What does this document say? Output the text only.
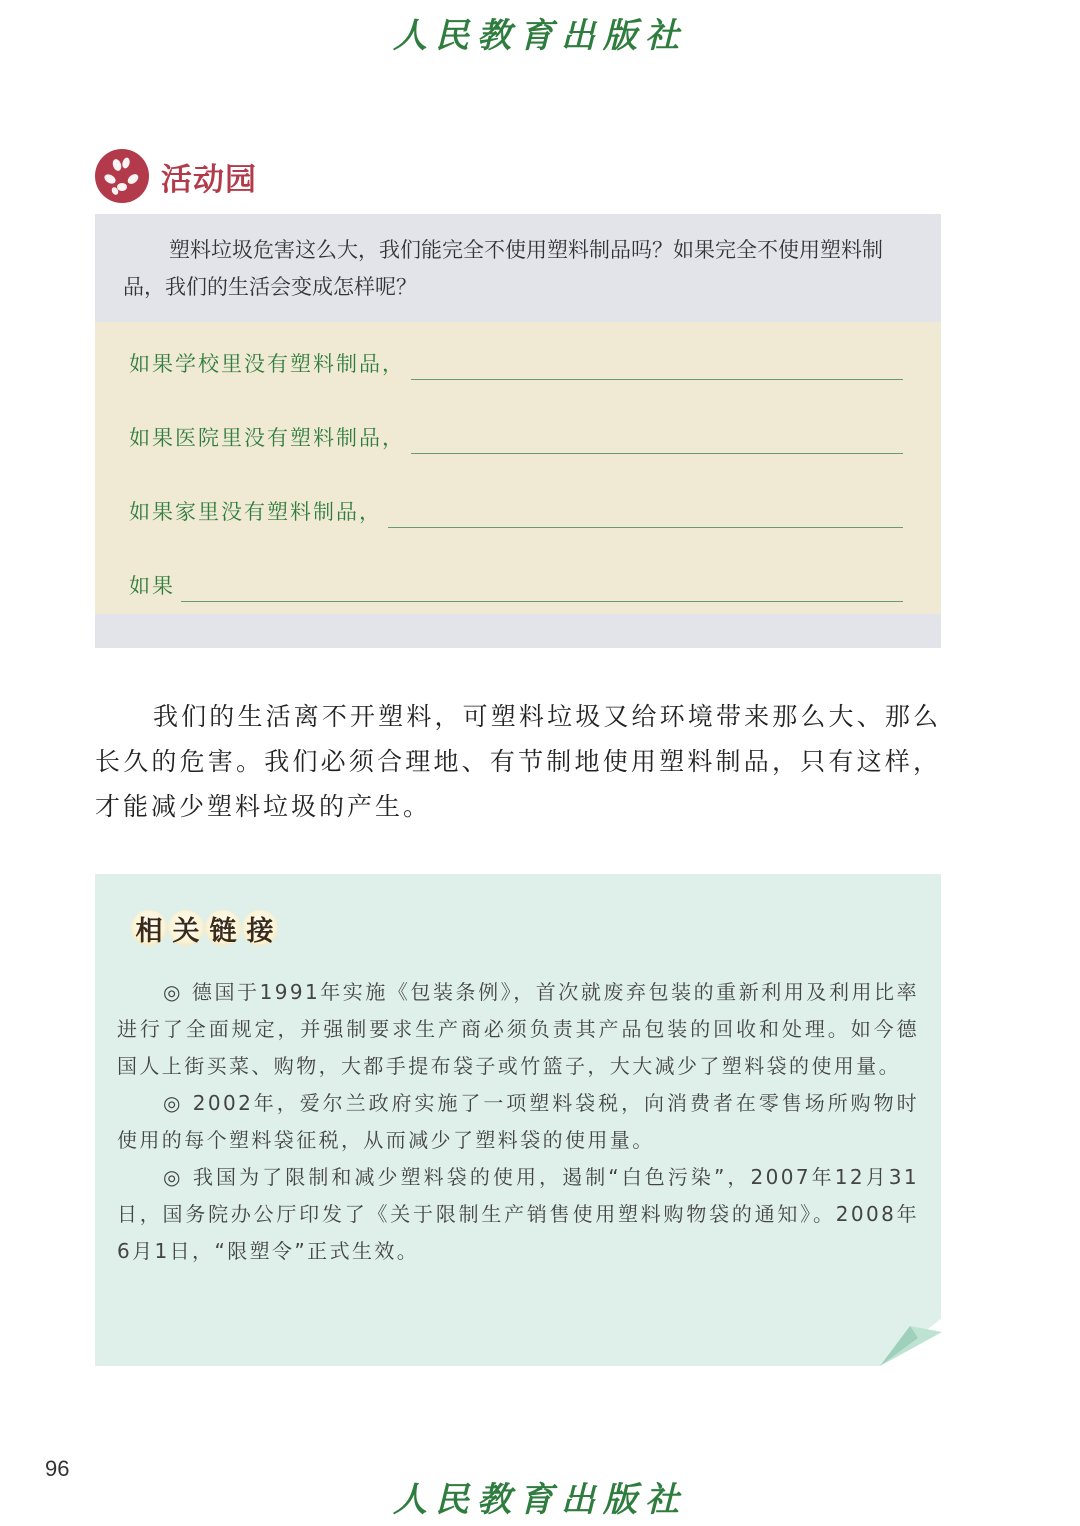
人民教育出版社
活动园
塑料垃圾危害这么大，我们能完全不使用塑料制品吗？如果完全不使用塑料制品，我们的生活会变成怎样呢？
如果学校里没有塑料制品，
如果医院里没有塑料制品，
如果家里没有塑料制品，
如果

我们的生活离不开塑料，可塑料垃圾又给环境带来那么大、那么长久的危害。我们必须合理地、有节制地使用塑料制品，只有这样，才能减少塑料垃圾的产生。

相 关 链 接

◎ 德国于1991年实施《包装条例》，首次就废弃包装的重新利用及利用比率进行了全面规定，并强制要求生产商必须负责其产品包装的回收和处理。如今德国人上街买菜、购物，大都手提布袋子或竹篮子，大大减少了塑料袋的使用量。

◎ 2002年，爱尔兰政府实施了一项塑料袋税，向消费者在零售场所购物时使用的每个塑料袋征税，从而减少了塑料袋的使用量。

◎ 我国为了限制和减少塑料袋的使用，遏制“白色污染”，2007年12月31日，国务院办公厅印发了《关于限制生产销售使用塑料购物袋的通知》。2008年6月1日，“限塑令”正式生效。

96
人民教育出版社
